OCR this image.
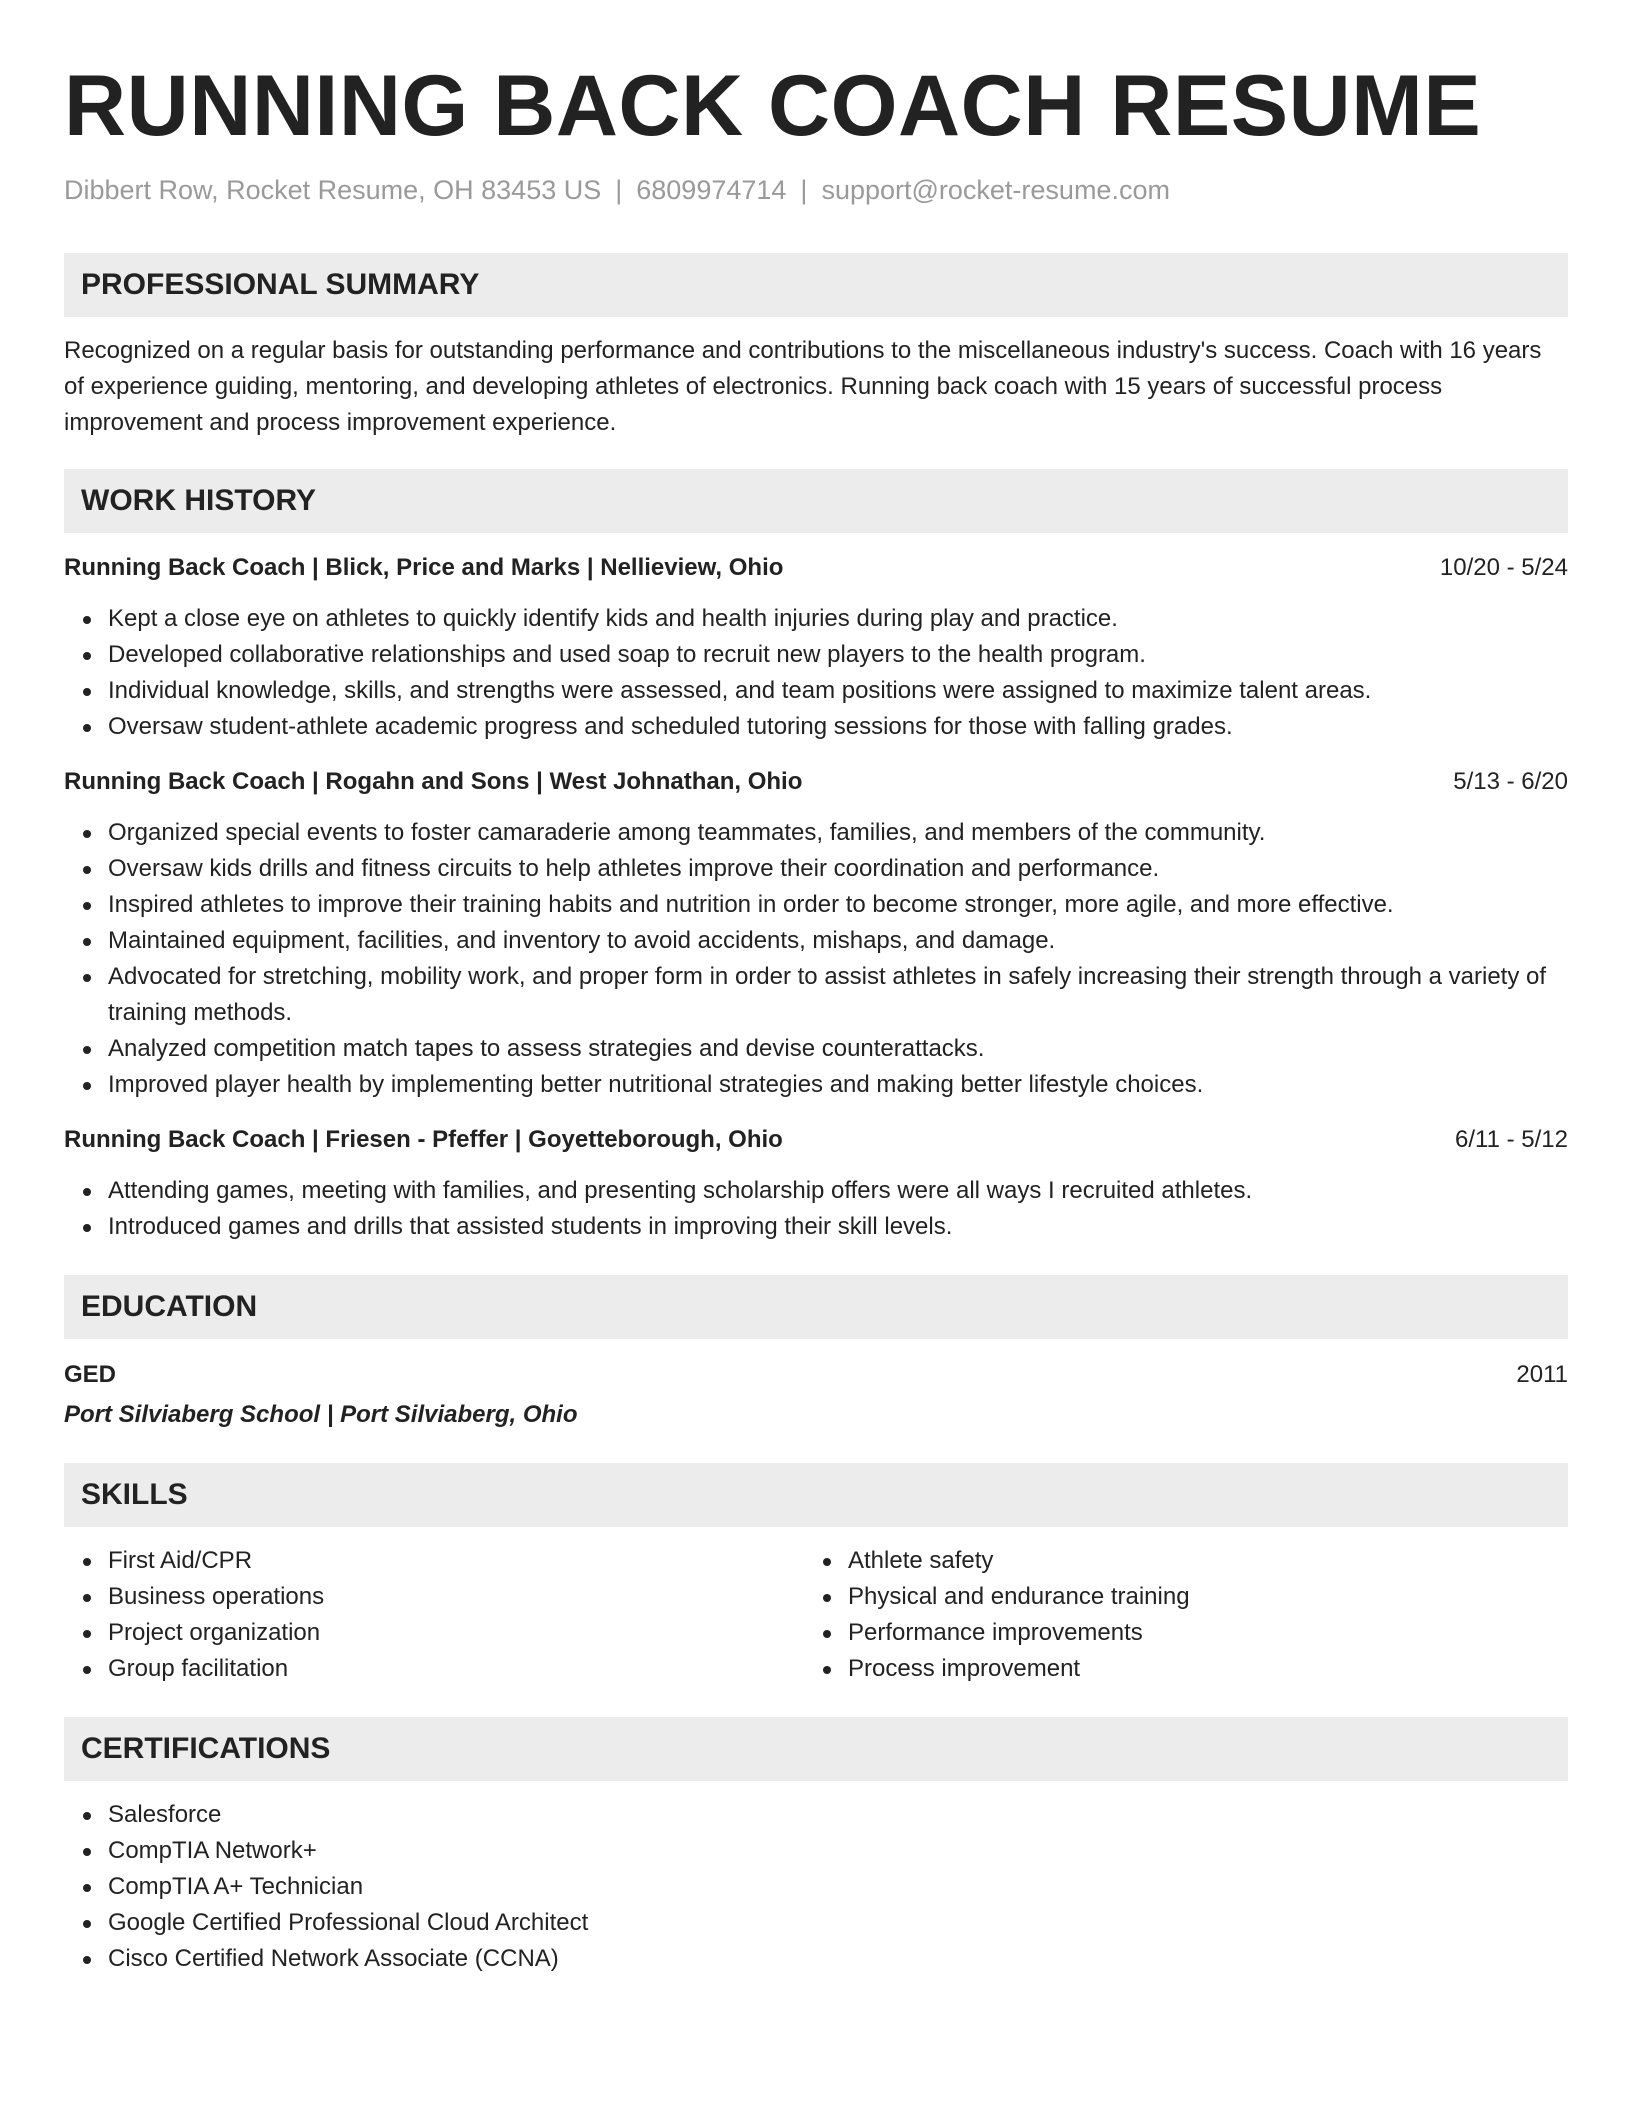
RUNNING BACK COACH RESUME
Dibbert Row, Rocket Resume, OH 83453 US | 6809974714 | support@rocket-resume.com
PROFESSIONAL SUMMARY
Recognized on a regular basis for outstanding performance and contributions to the miscellaneous industry's success. Coach with 16 years of experience guiding, mentoring, and developing athletes of electronics. Running back coach with 15 years of successful process improvement and process improvement experience.
WORK HISTORY
Running Back Coach | Blick, Price and Marks | Nellieview, Ohio	10/20 - 5/24
Kept a close eye on athletes to quickly identify kids and health injuries during play and practice.
Developed collaborative relationships and used soap to recruit new players to the health program.
Individual knowledge, skills, and strengths were assessed, and team positions were assigned to maximize talent areas.
Oversaw student-athlete academic progress and scheduled tutoring sessions for those with falling grades.
Running Back Coach | Rogahn and Sons | West Johnathan, Ohio	5/13 - 6/20
Organized special events to foster camaraderie among teammates, families, and members of the community.
Oversaw kids drills and fitness circuits to help athletes improve their coordination and performance.
Inspired athletes to improve their training habits and nutrition in order to become stronger, more agile, and more effective.
Maintained equipment, facilities, and inventory to avoid accidents, mishaps, and damage.
Advocated for stretching, mobility work, and proper form in order to assist athletes in safely increasing their strength through a variety of training methods.
Analyzed competition match tapes to assess strategies and devise counterattacks.
Improved player health by implementing better nutritional strategies and making better lifestyle choices.
Running Back Coach | Friesen - Pfeffer | Goyetteborough, Ohio	6/11 - 5/12
Attending games, meeting with families, and presenting scholarship offers were all ways I recruited athletes.
Introduced games and drills that assisted students in improving their skill levels.
EDUCATION
GED	2011
Port Silviaberg School | Port Silviaberg, Ohio
SKILLS
First Aid/CPR
Business operations
Project organization
Group facilitation
Athlete safety
Physical and endurance training
Performance improvements
Process improvement
CERTIFICATIONS
Salesforce
CompTIA Network+
CompTIA A+ Technician
Google Certified Professional Cloud Architect
Cisco Certified Network Associate (CCNA)
